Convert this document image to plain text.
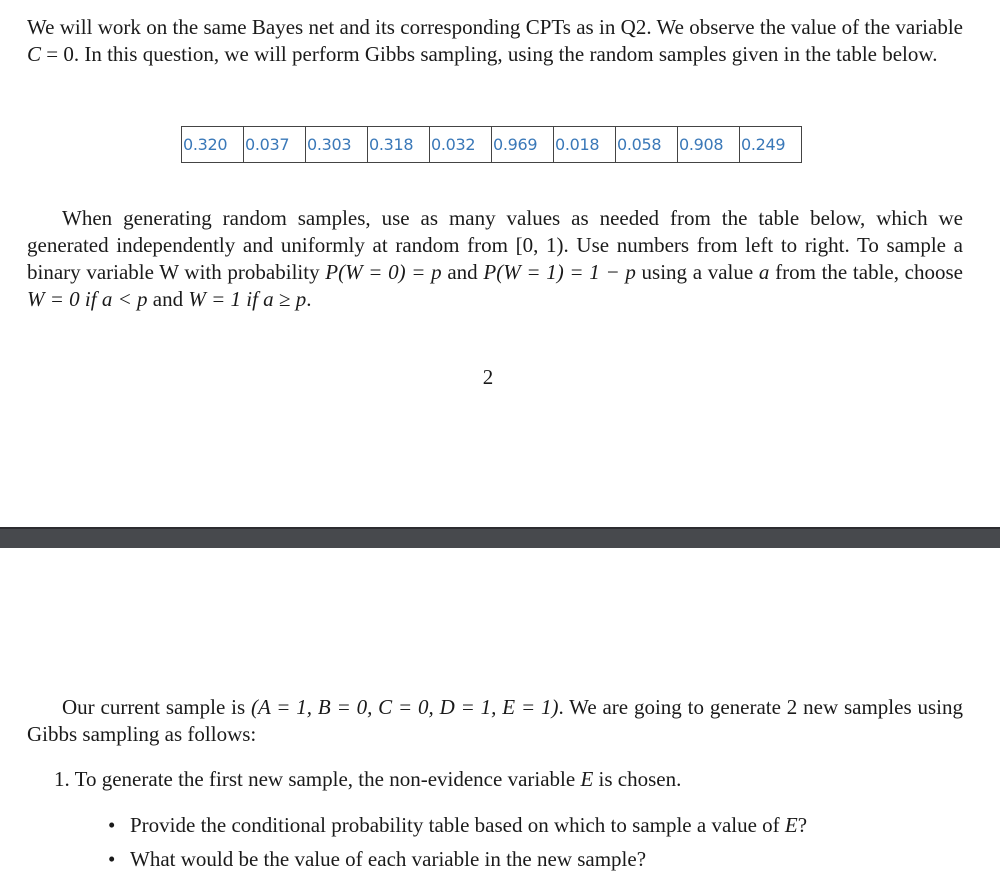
We will work on the same Bayes net and its corresponding CPTs as in Q2. We observe the value of the variable C = 0. In this question, we will perform Gibbs sampling, using the random samples given in the table below.

0.320	0.037	0.303	0.318	0.032	0.969	0.018	0.058	0.908	0.249

When generating random samples, use as many values as needed from the table below, which we generated independently and uniformly at random from [0, 1). Use numbers from left to right. To sample a binary variable W with probability P(W = 0) = p and P(W = 1) = 1 − p using a value a from the table, choose W = 0 if a < p and W = 1 if a ≥ p.

2

Our current sample is (A = 1, B = 0, C = 0, D = 1, E = 1). We are going to generate 2 new samples using Gibbs sampling as follows:

1. To generate the first new sample, the non-evidence variable E is chosen.

• Provide the conditional probability table based on which to sample a value of E?

• What would be the value of each variable in the new sample?
